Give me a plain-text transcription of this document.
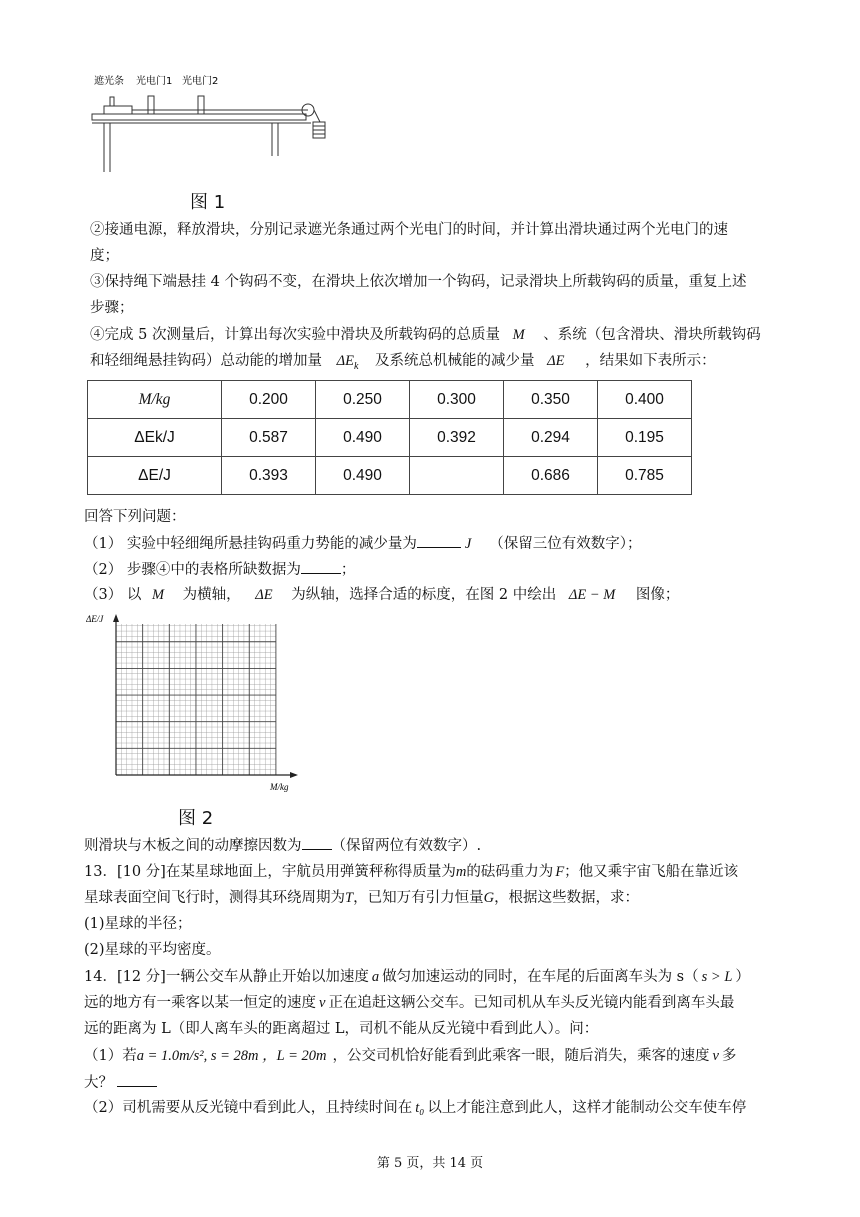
遮光条 光电门1 光电门2
图 1
②接通电源，释放滑块，分别记录遮光条通过两个光电门的时间，并计算出滑块通过两个光电门的速
度；
③保持绳下端悬挂 4 个钩码不变，在滑块上依次增加一个钩码，记录滑块上所载钩码的质量，重复上述
步骤；
④完成 5 次测量后，计算出每次实验中滑块及所载钩码的总质量 M 、系统（包含滑块、滑块所载钩码
和轻细绳悬挂钩码）总动能的增加量 $\Delta E_k$ 及系统总机械能的减少量 ΔE ，结果如下表所示：
M/kg	0.200	0.250	0.300	0.350	0.400
ΔEk/J	0.587	0.490	0.392	0.294	0.195
ΔE/J	0.393	0.490		0.686	0.785
回答下列问题：
（1） 实验中轻细绳所悬挂钩码重力势能的减少量为	J （保留三位有效数字）；
（2） 步骤④中的表格所缺数据为	；
（3） 以 M 为横轴， ΔE 为纵轴，选择合适的标度，在图 2 中绘出 ΔE − M 图像；
ΔE/J
M/kg
图 2
则滑块与木板之间的动摩擦因数为 （保留两位有效数字）.
13．[10 分]在某星球地面上，宇航员用弹簧秤称得质量为m的砝码重力为 F；他又乘宇宙飞船在靠近该
星球表面空间飞行时，测得其环绕周期为T，已知万有引力恒量G，根据这些数据，求：
(1)星球的半径；
(2)星球的平均密度。
14．[12 分]一辆公交车从静止开始以加速度 a 做匀加速运动的同时，在车尾的后面离车头为 s（ s > L ）
远的地方有一乘客以某一恒定的速度 v 正在追赶这辆公交车。已知司机从车头反光镜内能看到离车头最
远的距离为 L（即人离车头的距离超过 L，司机不能从反光镜中看到此人）。问：
（1）若a = 1.0m/s², s = 28m ，L = 20m ，公交司机恰好能看到此乘客一眼，随后消失，乘客的速度 v 多
大？
（2）司机需要从反光镜中看到此人，且持续时间在 t₀ 以上才能注意到此人，这样才能制动公交车使车停
第 5 页，共 14 页
